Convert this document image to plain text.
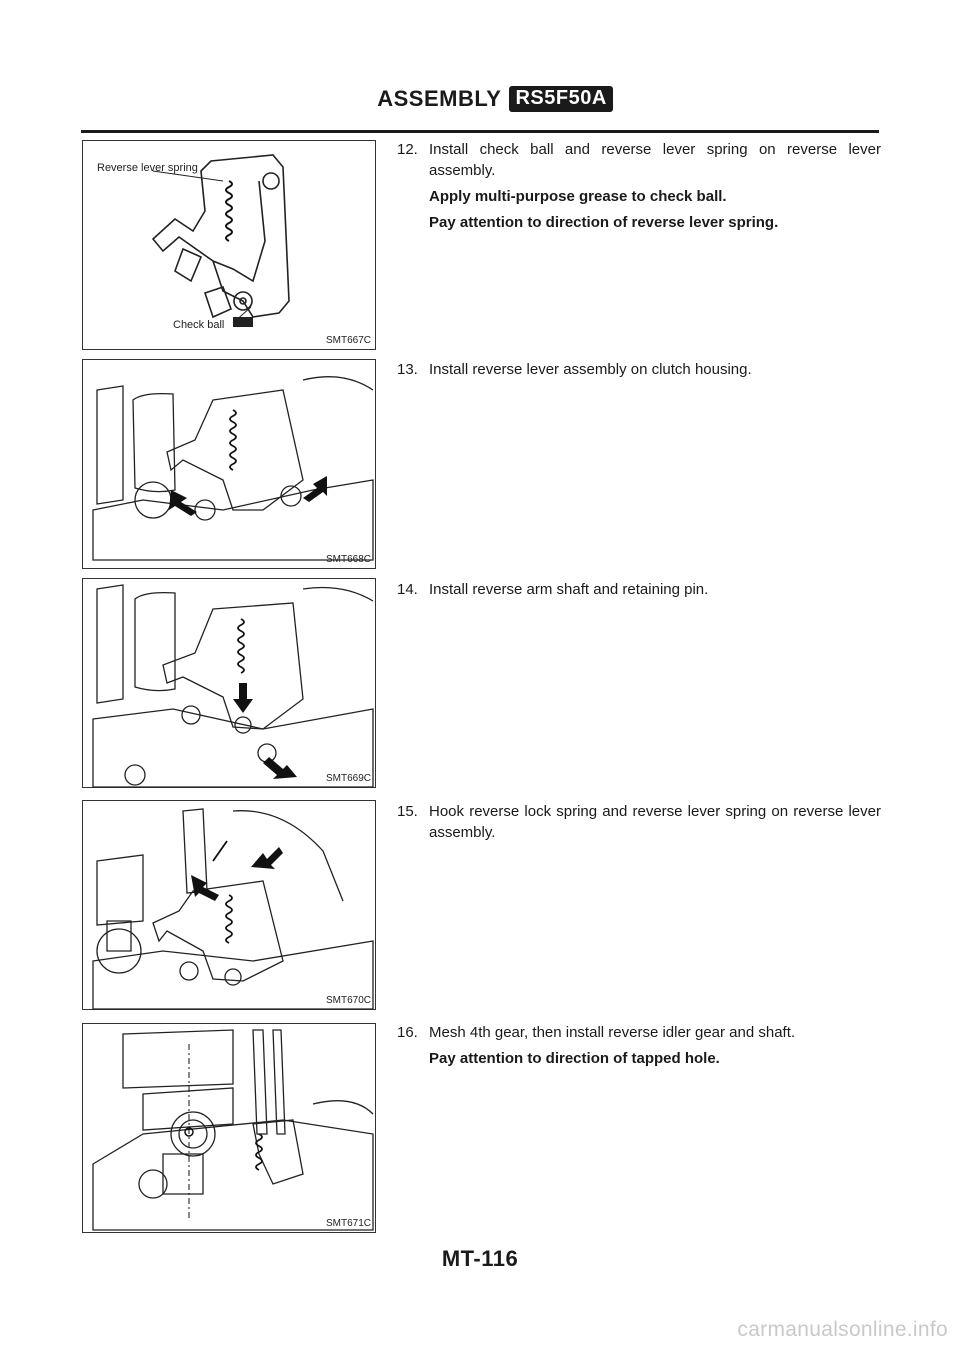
ASSEMBLY RS5F50A
Reverse lever spring
Check ball
SMT667C
SMT668C
SMT669C
SMT670C
SMT671C
12. Install check ball and reverse lever spring on reverse lever assembly.
Apply multi-purpose grease to check ball.
Pay attention to direction of reverse lever spring.
13. Install reverse lever assembly on clutch housing.
14. Install reverse arm shaft and retaining pin.
15. Hook reverse lock spring and reverse lever spring on reverse lever assembly.
16. Mesh 4th gear, then install reverse idler gear and shaft.
Pay attention to direction of tapped hole.
MT-116
carmanualsonline.info
